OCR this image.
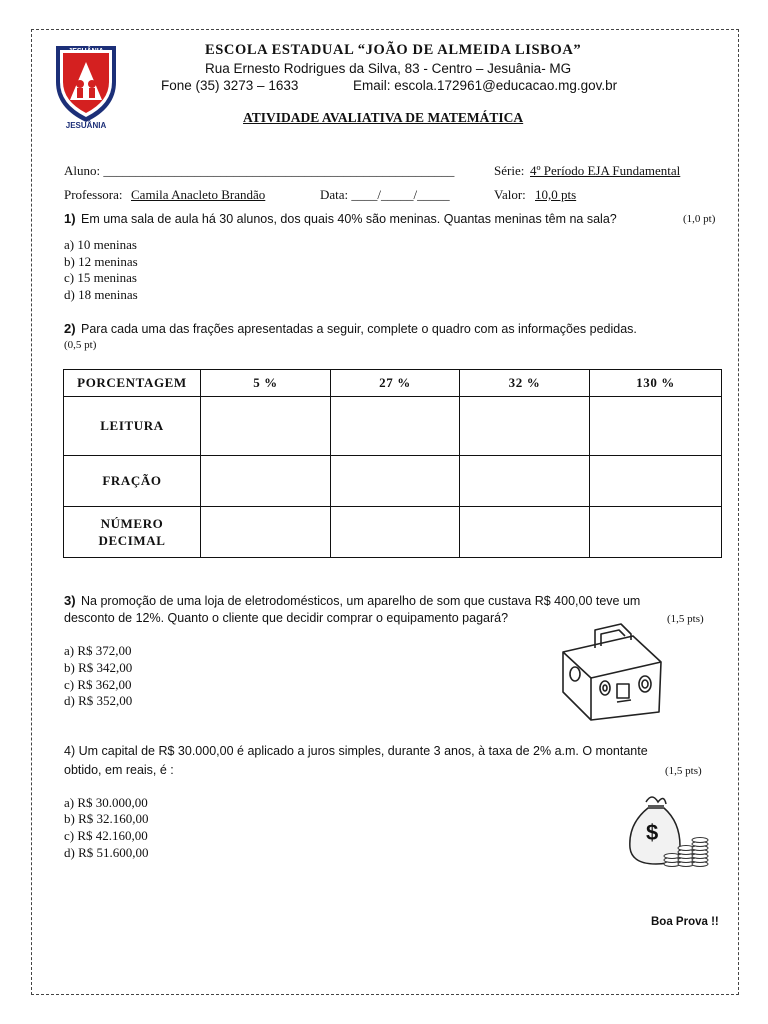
JESUÂNIA
JESUÂNIA
ESCOLA ESTADUAL “JOÃO DE ALMEIDA LISBOA”
Rua Ernesto Rodrigues da Silva, 83 - Centro – Jesuânia- MG
Fone (35) 3273 – 1633	Email: escola.172961@educacao.mg.gov.br
ATIVIDADE AVALIATIVA DE MATEMÁTICA
Aluno: ______________________________________________________	Série: 4º Período EJA Fundamental
Professora: Camila Anacleto Brandão	Data: ____/_____/_____	Valor: 10,0 pts
1) Em uma sala de aula há 30 alunos, dos quais 40% são meninas. Quantas meninas têm na sala?	(1,0 pt)
a) 10 meninas
b) 12 meninas
c) 15 meninas
d) 18 meninas
2) Para cada uma das frações apresentadas a seguir, complete o quadro com as informações pedidas.
(0,5 pt)
PORCENTAGEM	5 %	27 %	32 %	130 %
LEITURA				
FRAÇÃO				
NÚMERO
DECIMAL				
3) Na promoção de uma loja de eletrodomésticos, um aparelho de som que custava R$ 400,00 teve um
desconto de 12%. Quanto o cliente que decidir comprar o equipamento pagará?	(1,5 pts)
a) R$ 372,00
b) R$ 342,00
c) R$ 362,00
d) R$ 352,00
4) Um capital de R$ 30.000,00 é aplicado a juros simples, durante 3 anos, à taxa de 2% a.m. O montante
obtido, em reais, é :	(1,5 pts)
a) R$ 30.000,00
b) R$ 32.160,00
c) R$ 42.160,00
d) R$ 51.600,00
$
Boa Prova !!
